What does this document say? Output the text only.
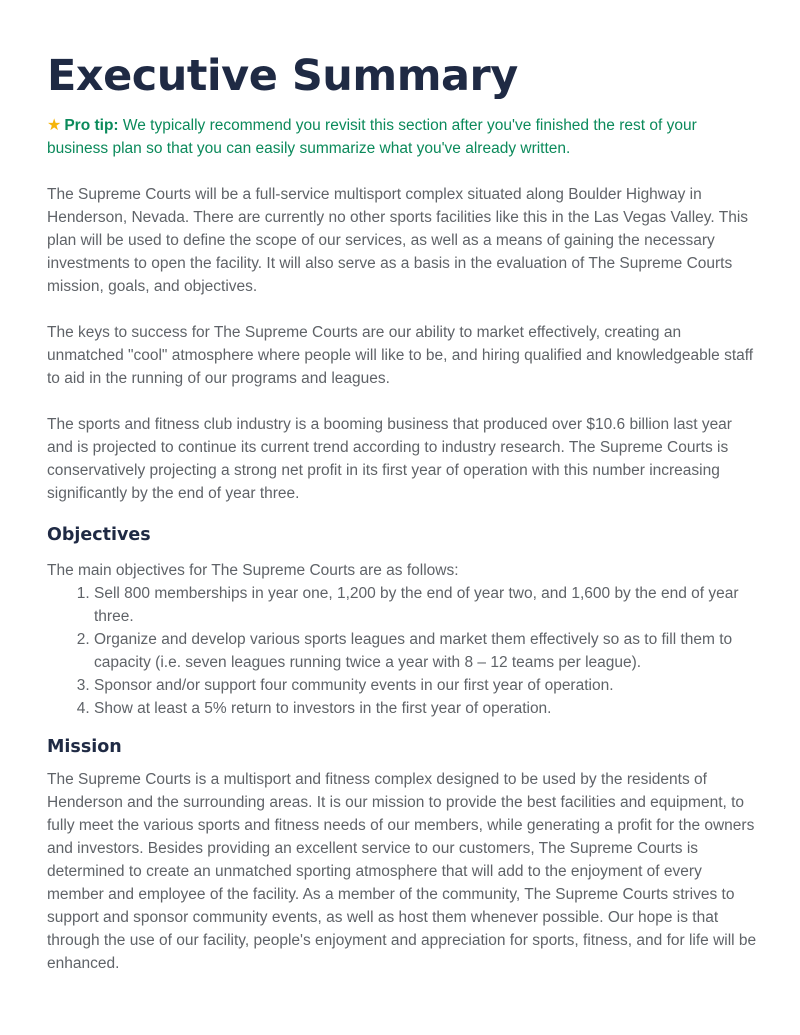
Executive Summary
★ Pro tip: We typically recommend you revisit this section after you've finished the rest of your business plan so that you can easily summarize what you've already written.

The Supreme Courts will be a full-service multisport complex situated along Boulder Highway in Henderson, Nevada. There are currently no other sports facilities like this in the Las Vegas Valley. This plan will be used to define the scope of our services, as well as a means of gaining the necessary investments to open the facility. It will also serve as a basis in the evaluation of The Supreme Courts mission, goals, and objectives.

The keys to success for The Supreme Courts are our ability to market effectively, creating an unmatched "cool" atmosphere where people will like to be, and hiring qualified and knowledgeable staff to aid in the running of our programs and leagues.

The sports and fitness club industry is a booming business that produced over $10.6 billion last year and is projected to continue its current trend according to industry research. The Supreme Courts is conservatively projecting a strong net profit in its first year of operation with this number increasing significantly by the end of year three.

Objectives

The main objectives for The Supreme Courts are as follows:

1. Sell 800 memberships in year one, 1,200 by the end of year two, and 1,600 by the end of year three.
2. Organize and develop various sports leagues and market them effectively so as to fill them to capacity (i.e. seven leagues running twice a year with 8 – 12 teams per league).
3. Sponsor and/or support four community events in our first year of operation.
4. Show at least a 5% return to investors in the first year of operation.
Mission

The Supreme Courts is a multisport and fitness complex designed to be used by the residents of Henderson and the surrounding areas. It is our mission to provide the best facilities and equipment, to fully meet the various sports and fitness needs of our members, while generating a profit for the owners and investors. Besides providing an excellent service to our customers, The Supreme Courts is determined to create an unmatched sporting atmosphere that will add to the enjoyment of every member and employee of the facility. As a member of the community, The Supreme Courts strives to support and sponsor community events, as well as host them whenever possible. Our hope is that through the use of our facility, people's enjoyment and appreciation for sports, fitness, and for life will be enhanced.
